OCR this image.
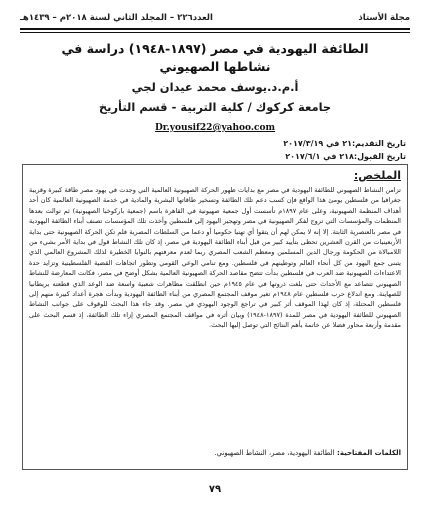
مجلة الأستاذ
العدد٢٢٦ – المجلد الثاني لسنة ٢٠١٨م – ١٤٣٩هـ
الطائفة اليهودية في مصر (١٨٩٧-١٩٤٨) دراسة في نشاطها الصهيوني
أ.م.د.يوسف محمد عيدان لجي
جامعة كركوك / كلية التربية - قسم التأريخ
Dr.yousif22@yahoo.com
تاريخ التقديم:٢١ في ٢٠١٧/٣/١٩
تاريخ القبول:٢١٨ في ٢٠١٧/٦/١
الملخص:
تزامن النشاط الصهيوني للطائفة اليهودية في مصر مع بدايات ظهور الحركة الصهيونية العالمية التي وجدت في يهود مصر طاقة كبيرة وقريبة جغرافيا من فلسطين يومئ هذا الواقع فإن كسب دعم تلك الطائفة وتسخير طاقاتها البشرية والمادية في خدمة الصهيونية العالمية كان أحد أهداف المنظمة الصهيونية، وعلى عام ١٨٩٧م تأسست أول جمعية صهيونية في القاهرة باسم (جمعية باركوخبا الصهيونية) ثم توالت بعدها المنظمات والمؤسسات التي تروج لفكر الصهيونية في مصر وتهجير اليهود إلى فلسطين وأخذت تلك المؤسسات تصنف أبناء الطائفة اليهودية في مصر بالعنصرية الثابتة. إلا إنه لا يمكن لهم أن يتقوا أي تهنيا حكوميا أو دعما من السلطات المصرية فلم تكن الحركة الصهيونية حتى بداية الأربعينيات من القرن العشرين تحظى بتأييد كبير من قبل أبناء الطائفة اليهودية في مصر، إذ كان تلك النشاط قول في بداية الأمر بشيء من اللامبالاة من الحكومة ورجال الدين المسلمين ومعظم الشعب المصري ربما لعدم معرفتهم بالنوايا الخطيرة لذلك المشروع العالمي الذي يتبنى جمع اليهود من كل أنحاء العالم وتوطينهم في فلسطين. ومع تنامي الوعي القومي وتطور اتجاهات القضية الفلسطينية وتزايد حدة الاعتداءات الصهيونية ضد العرب في فلسطين بدأت تتضح مقاصد الحركة الصهيونية العالمية بشكل أوضح في مصر، فكانت المعارضة للنشاط الصهيوني تتصاعد مع الأحداث حتى بلغت ذروتها في عام ١٩٤٥م حين انطلقت مظاهرات شعبية واسعة ضد الوعد الذي قطعته بريطانيا للصهاينة. ومع اندلاع حرب فلسطين عام ١٩٤٨م تغير موقف المجتمع المصري من أبناء الطائفة اليهودية وبدأت هجرة أعداد كبيرة منهم إلى فلسطين المحتلة، إذ كان لهذا الموقف أثر كبير في تراجع الوجود اليهودي في مصر. وقد جاء هذا البحث للوقوف على جوانب النشاط الصهيوني للطائفة اليهودية في مصر للمدة (١٨٩٧-١٩٤٨) وبيان أثره في مواقف المجتمع المصري إزاء تلك الطائفة، إذ قسم البحث على مقدمة وأربعة محاور فضلا عن خاتمة بأهم النتائج التي توصل إليها البحث.
الكلمات المفتاحية: الطائفة اليهودية، مصر، النشاط الصهيوني.
٧٩
